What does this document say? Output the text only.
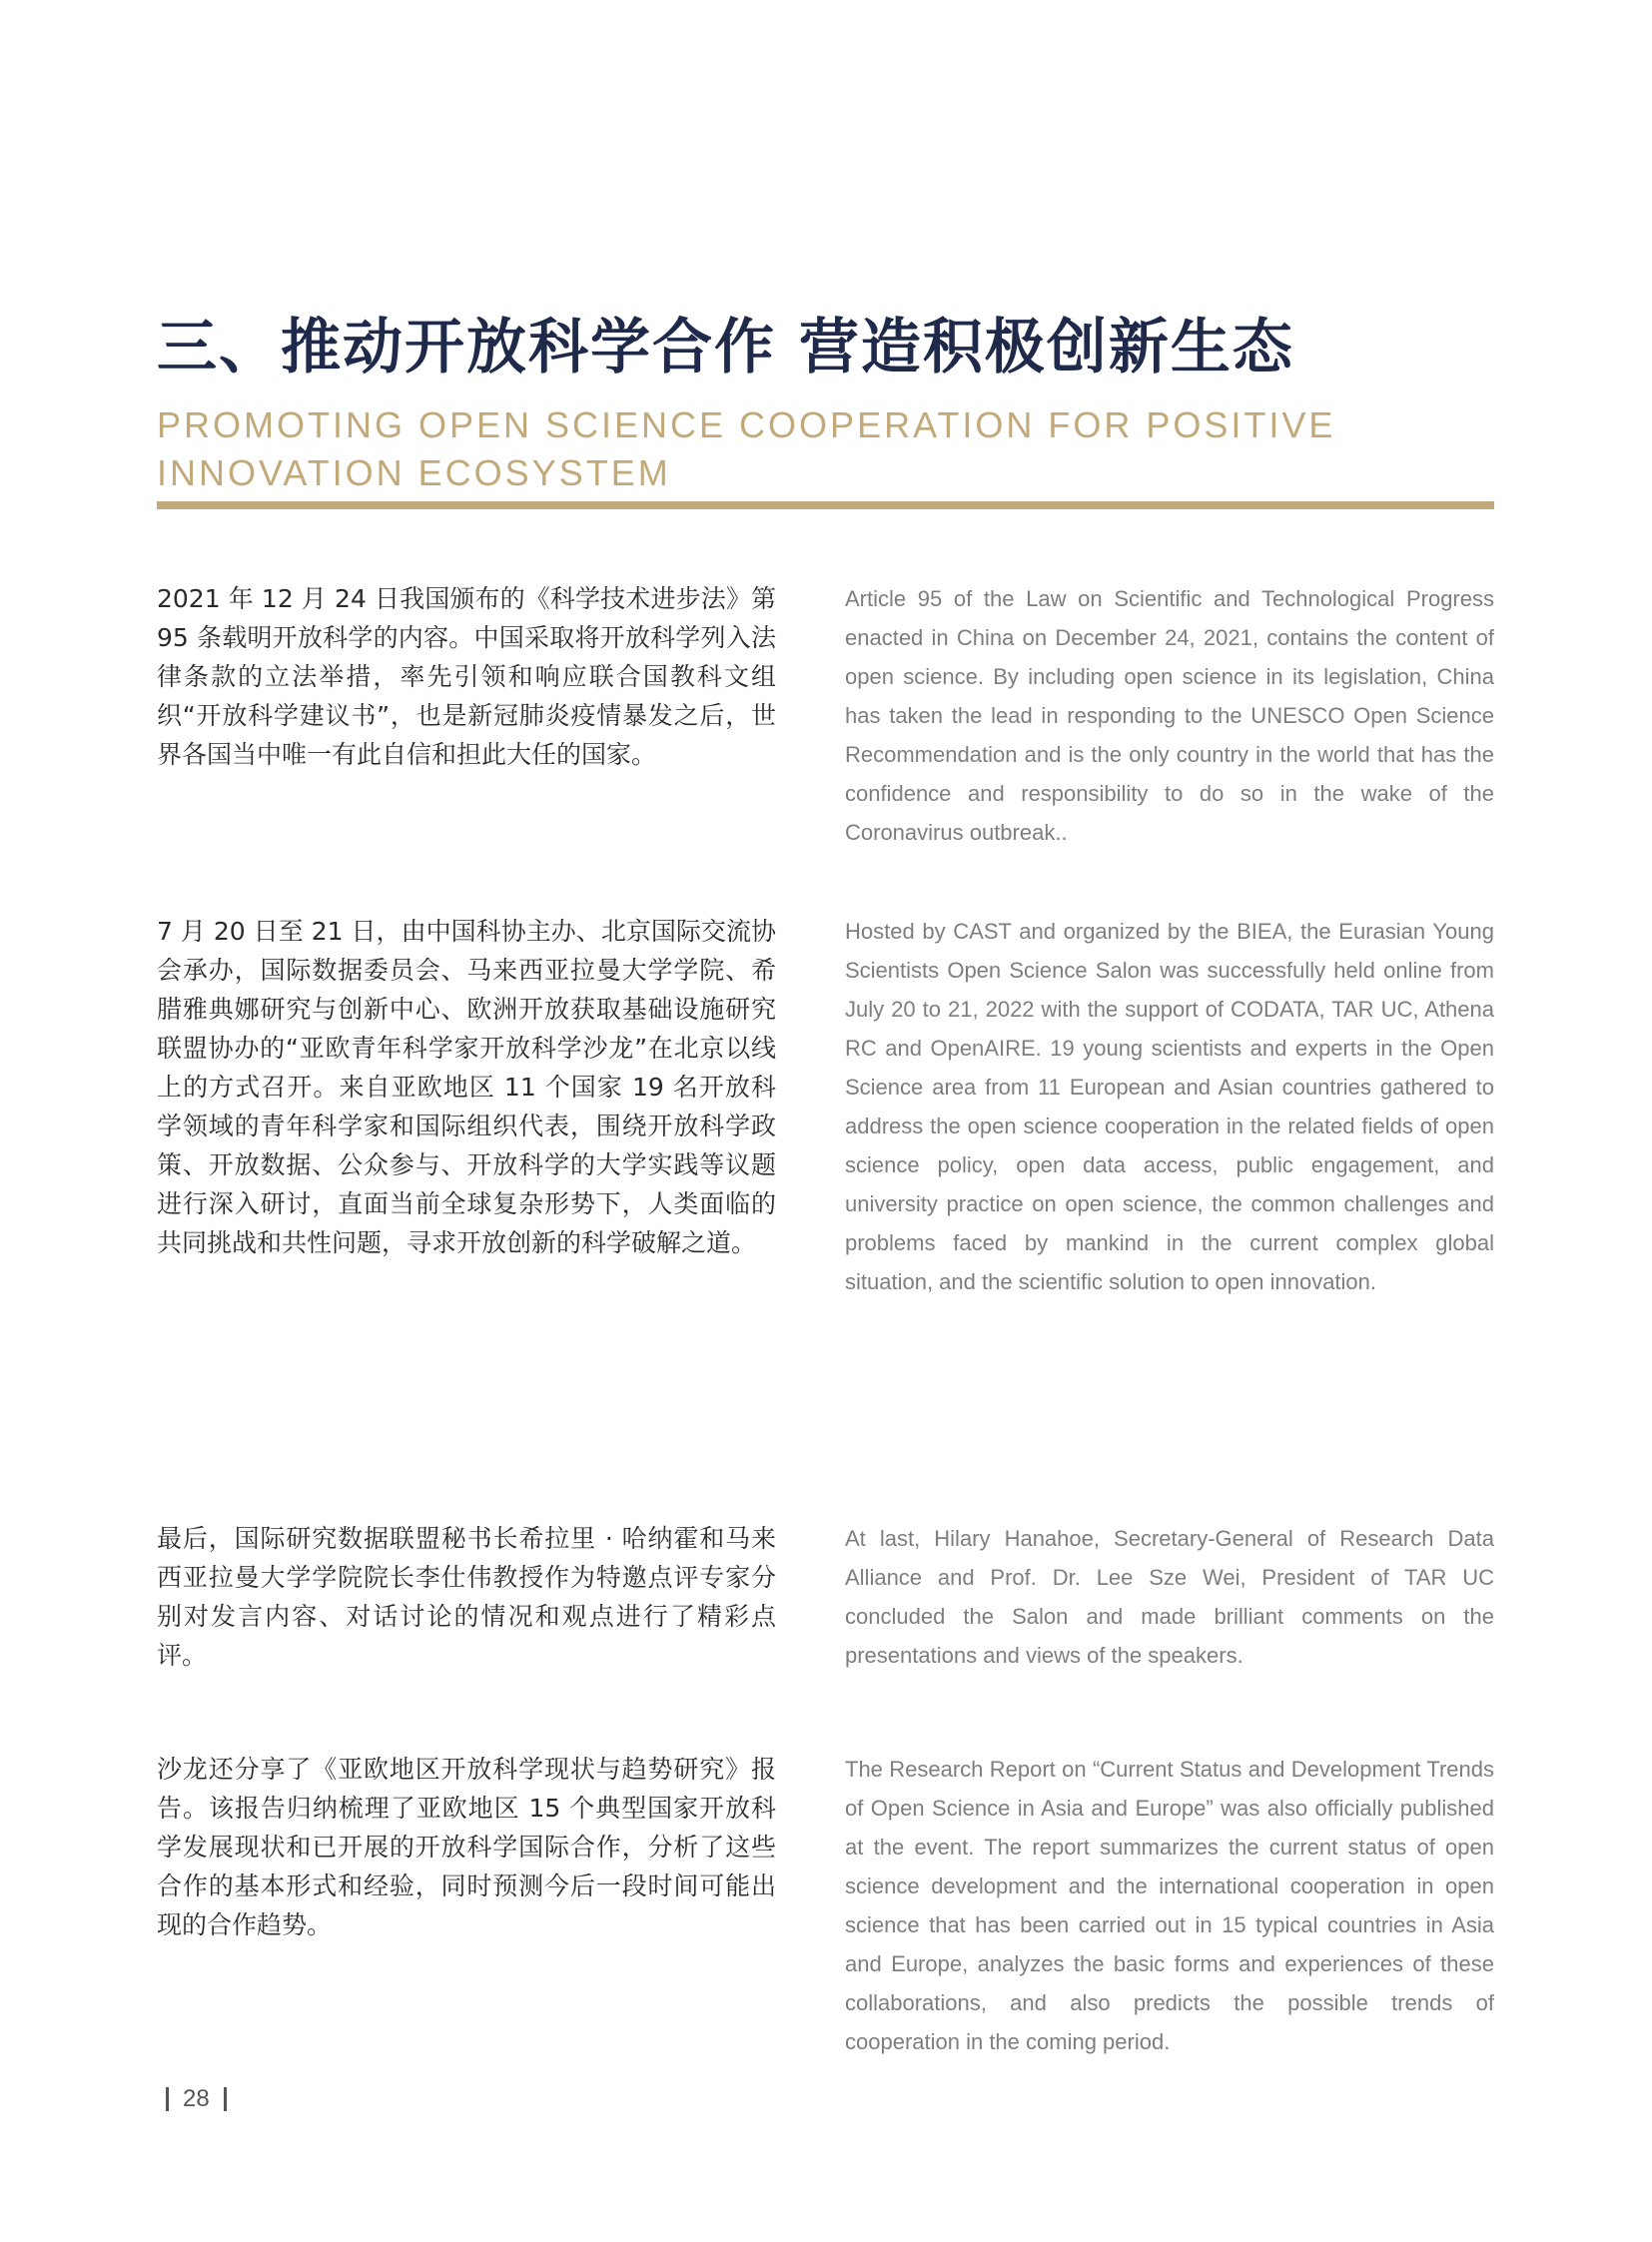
三、推动开放科学合作 营造积极创新生态
PROMOTING OPEN SCIENCE COOPERATION FOR POSITIVE INNOVATION ECOSYSTEM

2021 年 12 月 24 日我国颁布的《科学技术进步法》第 95 条载明开放科学的内容。中国采取将开放科学列入法律条款的立法举措，率先引领和响应联合国教科文组织“开放科学建议书”，也是新冠肺炎疫情暴发之后，世界各国当中唯一有此自信和担此大任的国家。

Article 95 of the Law on Scientific and Technological Progress enacted in China on December 24, 2021, contains the content of open science. By including open science in its legislation, China has taken the lead in responding to the UNESCO Open Science Recommendation and is the only country in the world that has the confidence and responsibility to do so in the wake of the Coronavirus outbreak..

7 月 20 日至 21 日，由中国科协主办、北京国际交流协会承办，国际数据委员会、马来西亚拉曼大学学院、希腊雅典娜研究与创新中心、欧洲开放获取基础设施研究联盟协办的“亚欧青年科学家开放科学沙龙”在北京以线上的方式召开。来自亚欧地区 11 个国家 19 名开放科学领域的青年科学家和国际组织代表，围绕开放科学政策、开放数据、公众参与、开放科学的大学实践等议题进行深入研讨，直面当前全球复杂形势下，人类面临的共同挑战和共性问题，寻求开放创新的科学破解之道。

Hosted by CAST and organized by the BIEA, the Eurasian Young Scientists Open Science Salon was successfully held online from July 20 to 21, 2022 with the support of CODATA, TAR UC, Athena RC and OpenAIRE. 19 young scientists and experts in the Open Science area from 11 European and Asian countries gathered to address the open science cooperation in the related fields of open science policy, open data access, public engagement, and university practice on open science, the common challenges and problems faced by mankind in the current complex global situation, and the scientific solution to open innovation.

最后，国际研究数据联盟秘书长希拉里 · 哈纳霍和马来西亚拉曼大学学院院长李仕伟教授作为特邀点评专家分别对发言内容、对话讨论的情况和观点进行了精彩点评。

At last, Hilary Hanahoe, Secretary-General of Research Data Alliance and Prof. Dr. Lee Sze Wei, President of TAR UC concluded the Salon and made brilliant comments on the presentations and views of the speakers.

沙龙还分享了《亚欧地区开放科学现状与趋势研究》报告。该报告归纳梳理了亚欧地区 15 个典型国家开放科学发展现状和已开展的开放科学国际合作，分析了这些合作的基本形式和经验，同时预测今后一段时间可能出现的合作趋势。

The Research Report on “Current Status and Development Trends of Open Science in Asia and Europe” was also officially published at the event. The report summarizes the current status of open science development and the international cooperation in open science that has been carried out in 15 typical countries in Asia and Europe, analyzes the basic forms and experiences of these collaborations, and also predicts the possible trends of cooperation in the coming period.

28
